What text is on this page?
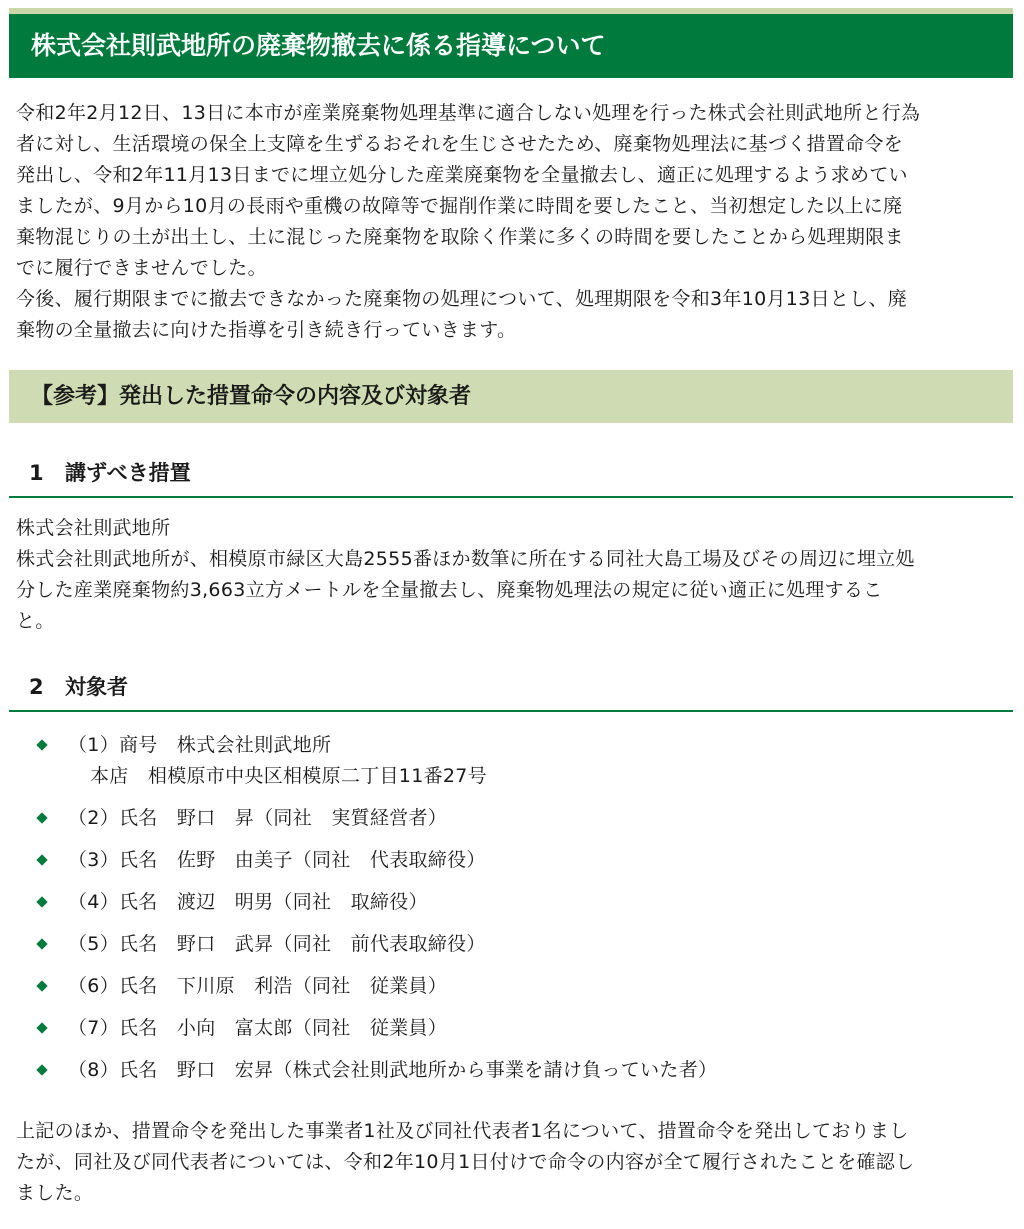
株式会社則武地所の廃棄物撤去に係る指導について
令和2年2月12日、13日に本市が産業廃棄物処理基準に適合しない処理を行った株式会社則武地所と行為
者に対し、生活環境の保全上支障を生ずるおそれを生じさせたため、廃棄物処理法に基づく措置命令を
発出し、令和2年11月13日までに埋立処分した産業廃棄物を全量撤去し、適正に処理するよう求めてい
ましたが、9月から10月の長雨や重機の故障等で掘削作業に時間を要したこと、当初想定した以上に廃
棄物混じりの土が出土し、土に混じった廃棄物を取除く作業に多くの時間を要したことから処理期限ま
でに履行できませんでした。
今後、履行期限までに撤去できなかった廃棄物の処理について、処理期限を令和3年10月13日とし、廃
棄物の全量撤去に向けた指導を引き続き行っていきます。
【参考】発出した措置命令の内容及び対象者
1 講ずべき措置
株式会社則武地所
株式会社則武地所が、相模原市緑区大島2555番ほか数筆に所在する同社大島工場及びその周辺に埋立処
分した産業廃棄物約3,663立方メートルを全量撤去し、廃棄物処理法の規定に従い適正に処理するこ
と。
2 対象者
（1）商号　株式会社則武地所
本店　相模原市中央区相模原二丁目11番27号
（2）氏名　野口　昇（同社　実質経営者）
（3）氏名　佐野　由美子（同社　代表取締役）
（4）氏名　渡辺　明男（同社　取締役）
（5）氏名　野口　武昇（同社　前代表取締役）
（6）氏名　下川原　利浩（同社　従業員）
（7）氏名　小向　富太郎（同社　従業員）
（8）氏名　野口　宏昇（株式会社則武地所から事業を請け負っていた者）
上記のほか、措置命令を発出した事業者1社及び同社代表者1名について、措置命令を発出しておりまし
たが、同社及び同代表者については、令和2年10月1日付けで命令の内容が全て履行されたことを確認し
ました。
